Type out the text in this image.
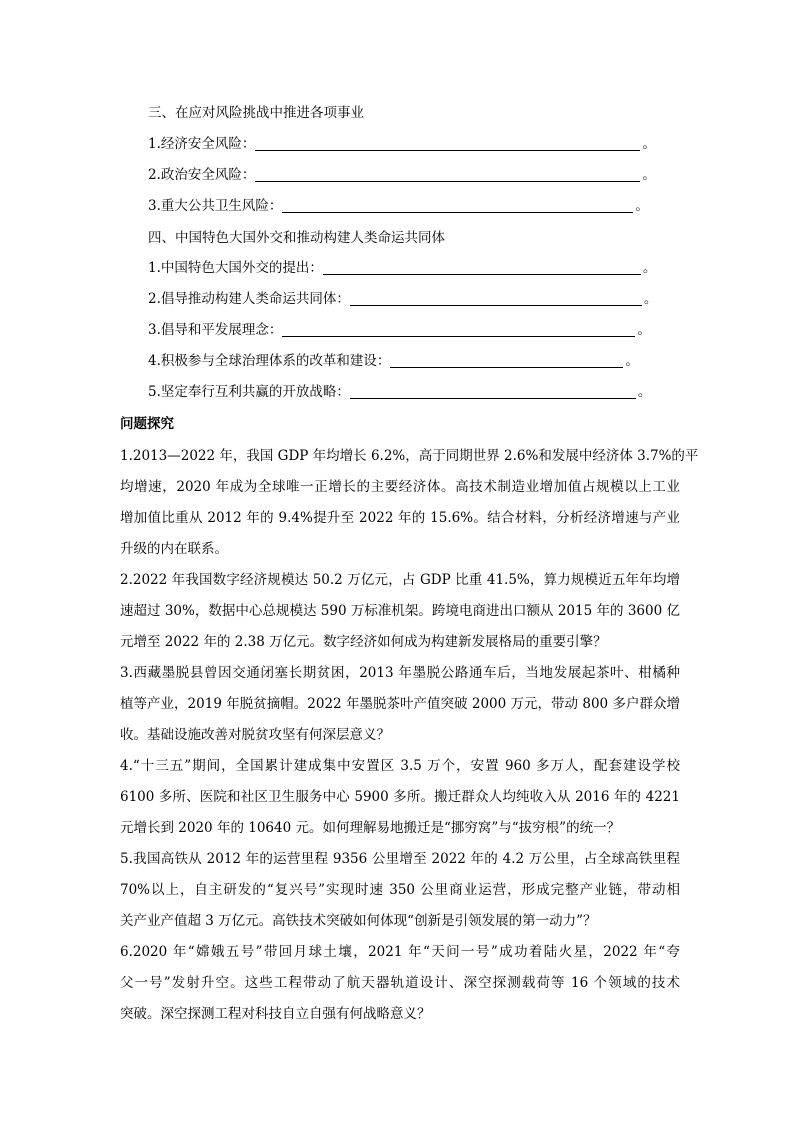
三、在应对风险挑战中推进各项事业
1.经济安全风险：	。
2.政治安全风险：	。
3.重大公共卫生风险：	。
四、中国特色大国外交和推动构建人类命运共同体
1.中国特色大国外交的提出：	。
2.倡导推动构建人类命运共同体：	。
3.倡导和平发展理念：	。
4.积极参与全球治理体系的改革和建设：	。
5.坚定奉行互利共赢的开放战略：	。
问题探究
1.2013—2022 年，我国 GDP 年均增长 6.2%，高于同期世界 2.6%和发展中经济体 3.7%的平
均增速，2020 年成为全球唯一正增长的主要经济体。高技术制造业增加值占规模以上工业
增加值比重从 2012 年的 9.4%提升至 2022 年的 15.6%。结合材料，分析经济增速与产业
升级的内在联系。
2.2022 年我国数字经济规模达 50.2 万亿元，占 GDP 比重 41.5%，算力规模近五年年均增
速超过 30%，数据中心总规模达 590 万标准机架。跨境电商进出口额从 2015 年的 3600 亿
元增至 2022 年的 2.38 万亿元。数字经济如何成为构建新发展格局的重要引擎？
3.西藏墨脱县曾因交通闭塞长期贫困，2013 年墨脱公路通车后，当地发展起茶叶、柑橘种
植等产业，2019 年脱贫摘帽。2022 年墨脱茶叶产值突破 2000 万元，带动 800 多户群众增
收。基础设施改善对脱贫攻坚有何深层意义？
4.“十三五”期间，全国累计建成集中安置区 3.5 万个，安置 960 多万人，配套建设学校
6100 多所、医院和社区卫生服务中心 5900 多所。搬迁群众人均纯收入从 2016 年的 4221
元增长到 2020 年的 10640 元。如何理解易地搬迁是“挪穷窝”与“拔穷根”的统一？
5.我国高铁从 2012 年的运营里程 9356 公里增至 2022 年的 4.2 万公里，占全球高铁里程
70%以上，自主研发的“复兴号”实现时速 350 公里商业运营，形成完整产业链，带动相
关产业产值超 3 万亿元。高铁技术突破如何体现“创新是引领发展的第一动力”？
6.2020 年“嫦娥五号”带回月球土壤，2021 年“天问一号”成功着陆火星，2022 年“夸
父一号”发射升空。这些工程带动了航天器轨道设计、深空探测载荷等 16 个领域的技术
突破。深空探测工程对科技自立自强有何战略意义？
